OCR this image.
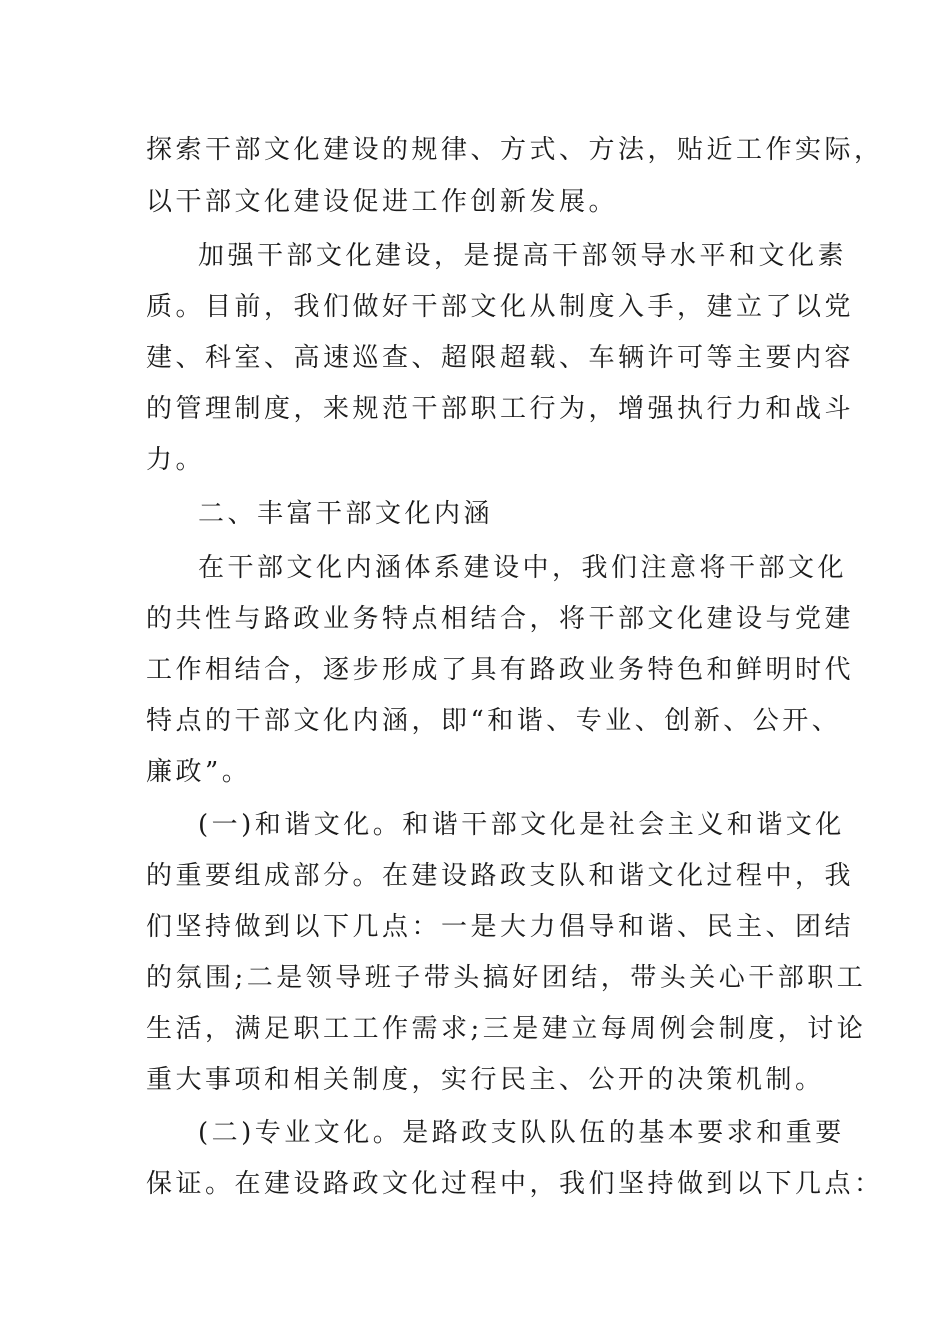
探索干部文化建设的规律、方式、方法，贴近工作实际，
以干部文化建设促进工作创新发展。
加强干部文化建设，是提高干部领导水平和文化素
质。目前，我们做好干部文化从制度入手，建立了以党
建、科室、高速巡查、超限超载、车辆许可等主要内容
的管理制度，来规范干部职工行为，增强执行力和战斗
力。
二、丰富干部文化内涵
在干部文化内涵体系建设中，我们注意将干部文化
的共性与路政业务特点相结合，将干部文化建设与党建
工作相结合，逐步形成了具有路政业务特色和鲜明时代
特点的干部文化内涵，即“和谐、专业、创新、公开、
廉政”。
(一)和谐文化。和谐干部文化是社会主义和谐文化
的重要组成部分。在建设路政支队和谐文化过程中，我
们坚持做到以下几点：一是大力倡导和谐、民主、团结
的氛围;二是领导班子带头搞好团结，带头关心干部职工
生活，满足职工工作需求;三是建立每周例会制度，讨论
重大事项和相关制度，实行民主、公开的决策机制。
(二)专业文化。是路政支队队伍的基本要求和重要
保证。在建设路政文化过程中，我们坚持做到以下几点：
